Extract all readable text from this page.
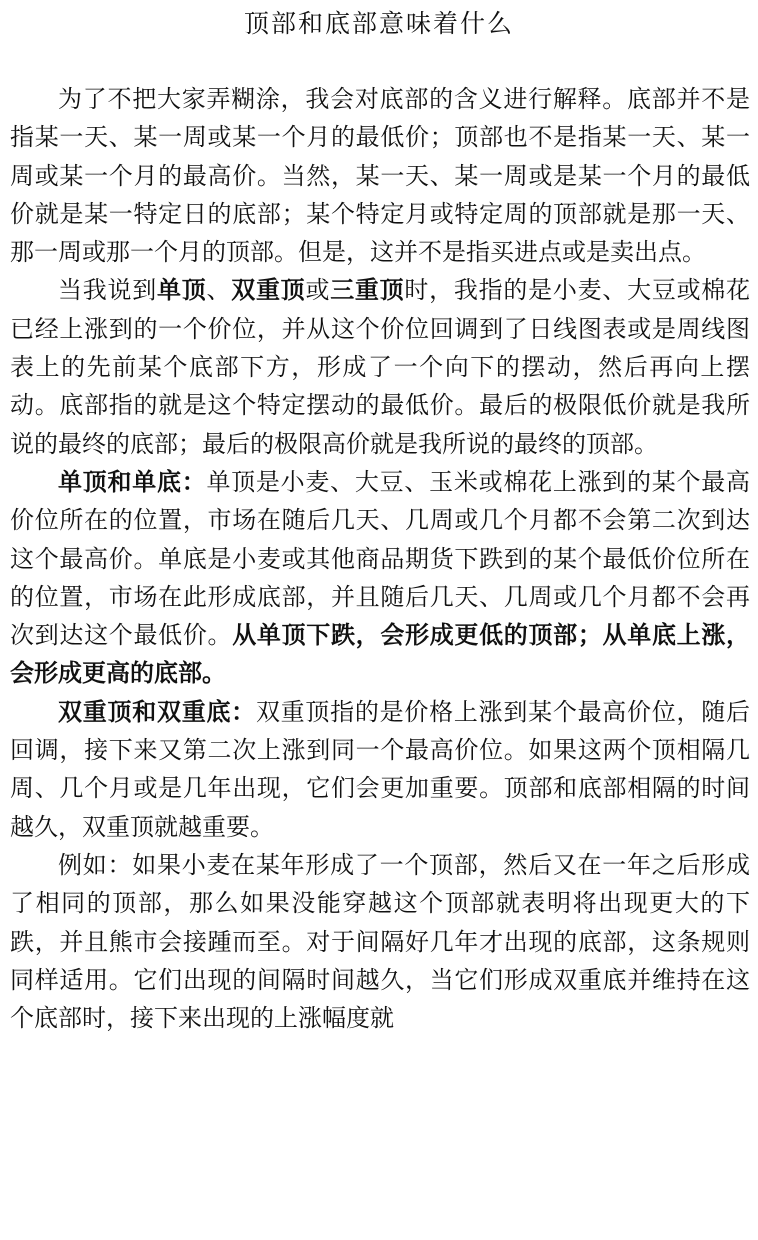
顶部和底部意味着什么

为了不把大家弄糊涂，我会对底部的含义进行解释。底部并不是指某一天、某一周或某一个月的最低价；顶部也不是指某一天、某一周或某一个月的最高价。当然，某一天、某一周或是某一个月的最低价就是某一特定日的底部；某个特定月或特定周的顶部就是那一天、那一周或那一个月的顶部。但是，这并不是指买进点或是卖出点。

当我说到单顶、双重顶或三重顶时，我指的是小麦、大豆或棉花已经上涨到的一个价位，并从这个价位回调到了日线图表或是周线图表上的先前某个底部下方，形成了一个向下的摆动，然后再向上摆动。底部指的就是这个特定摆动的最低价。最后的极限低价就是我所说的最终的底部；最后的极限高价就是我所说的最终的顶部。

单顶和单底：单顶是小麦、大豆、玉米或棉花上涨到的某个最高价位所在的位置，市场在随后几天、几周或几个月都不会第二次到达这个最高价。单底是小麦或其他商品期货下跌到的某个最低价位所在的位置，市场在此形成底部，并且随后几天、几周或几个月都不会再次到达这个最低价。从单顶下跌，会形成更低的顶部；从单底上涨，会形成更高的底部。

双重顶和双重底：双重顶指的是价格上涨到某个最高价位，随后回调，接下来又第二次上涨到同一个最高价位。如果这两个顶相隔几周、几个月或是几年出现，它们会更加重要。顶部和底部相隔的时间越久，双重顶就越重要。

例如：如果小麦在某年形成了一个顶部，然后又在一年之后形成了相同的顶部，那么如果没能穿越这个顶部就表明将出现更大的下跌，并且熊市会接踵而至。对于间隔好几年才出现的底部，这条规则同样适用。它们出现的间隔时间越久，当它们形成双重底并维持在这个底部时，接下来出现的上涨幅度就
